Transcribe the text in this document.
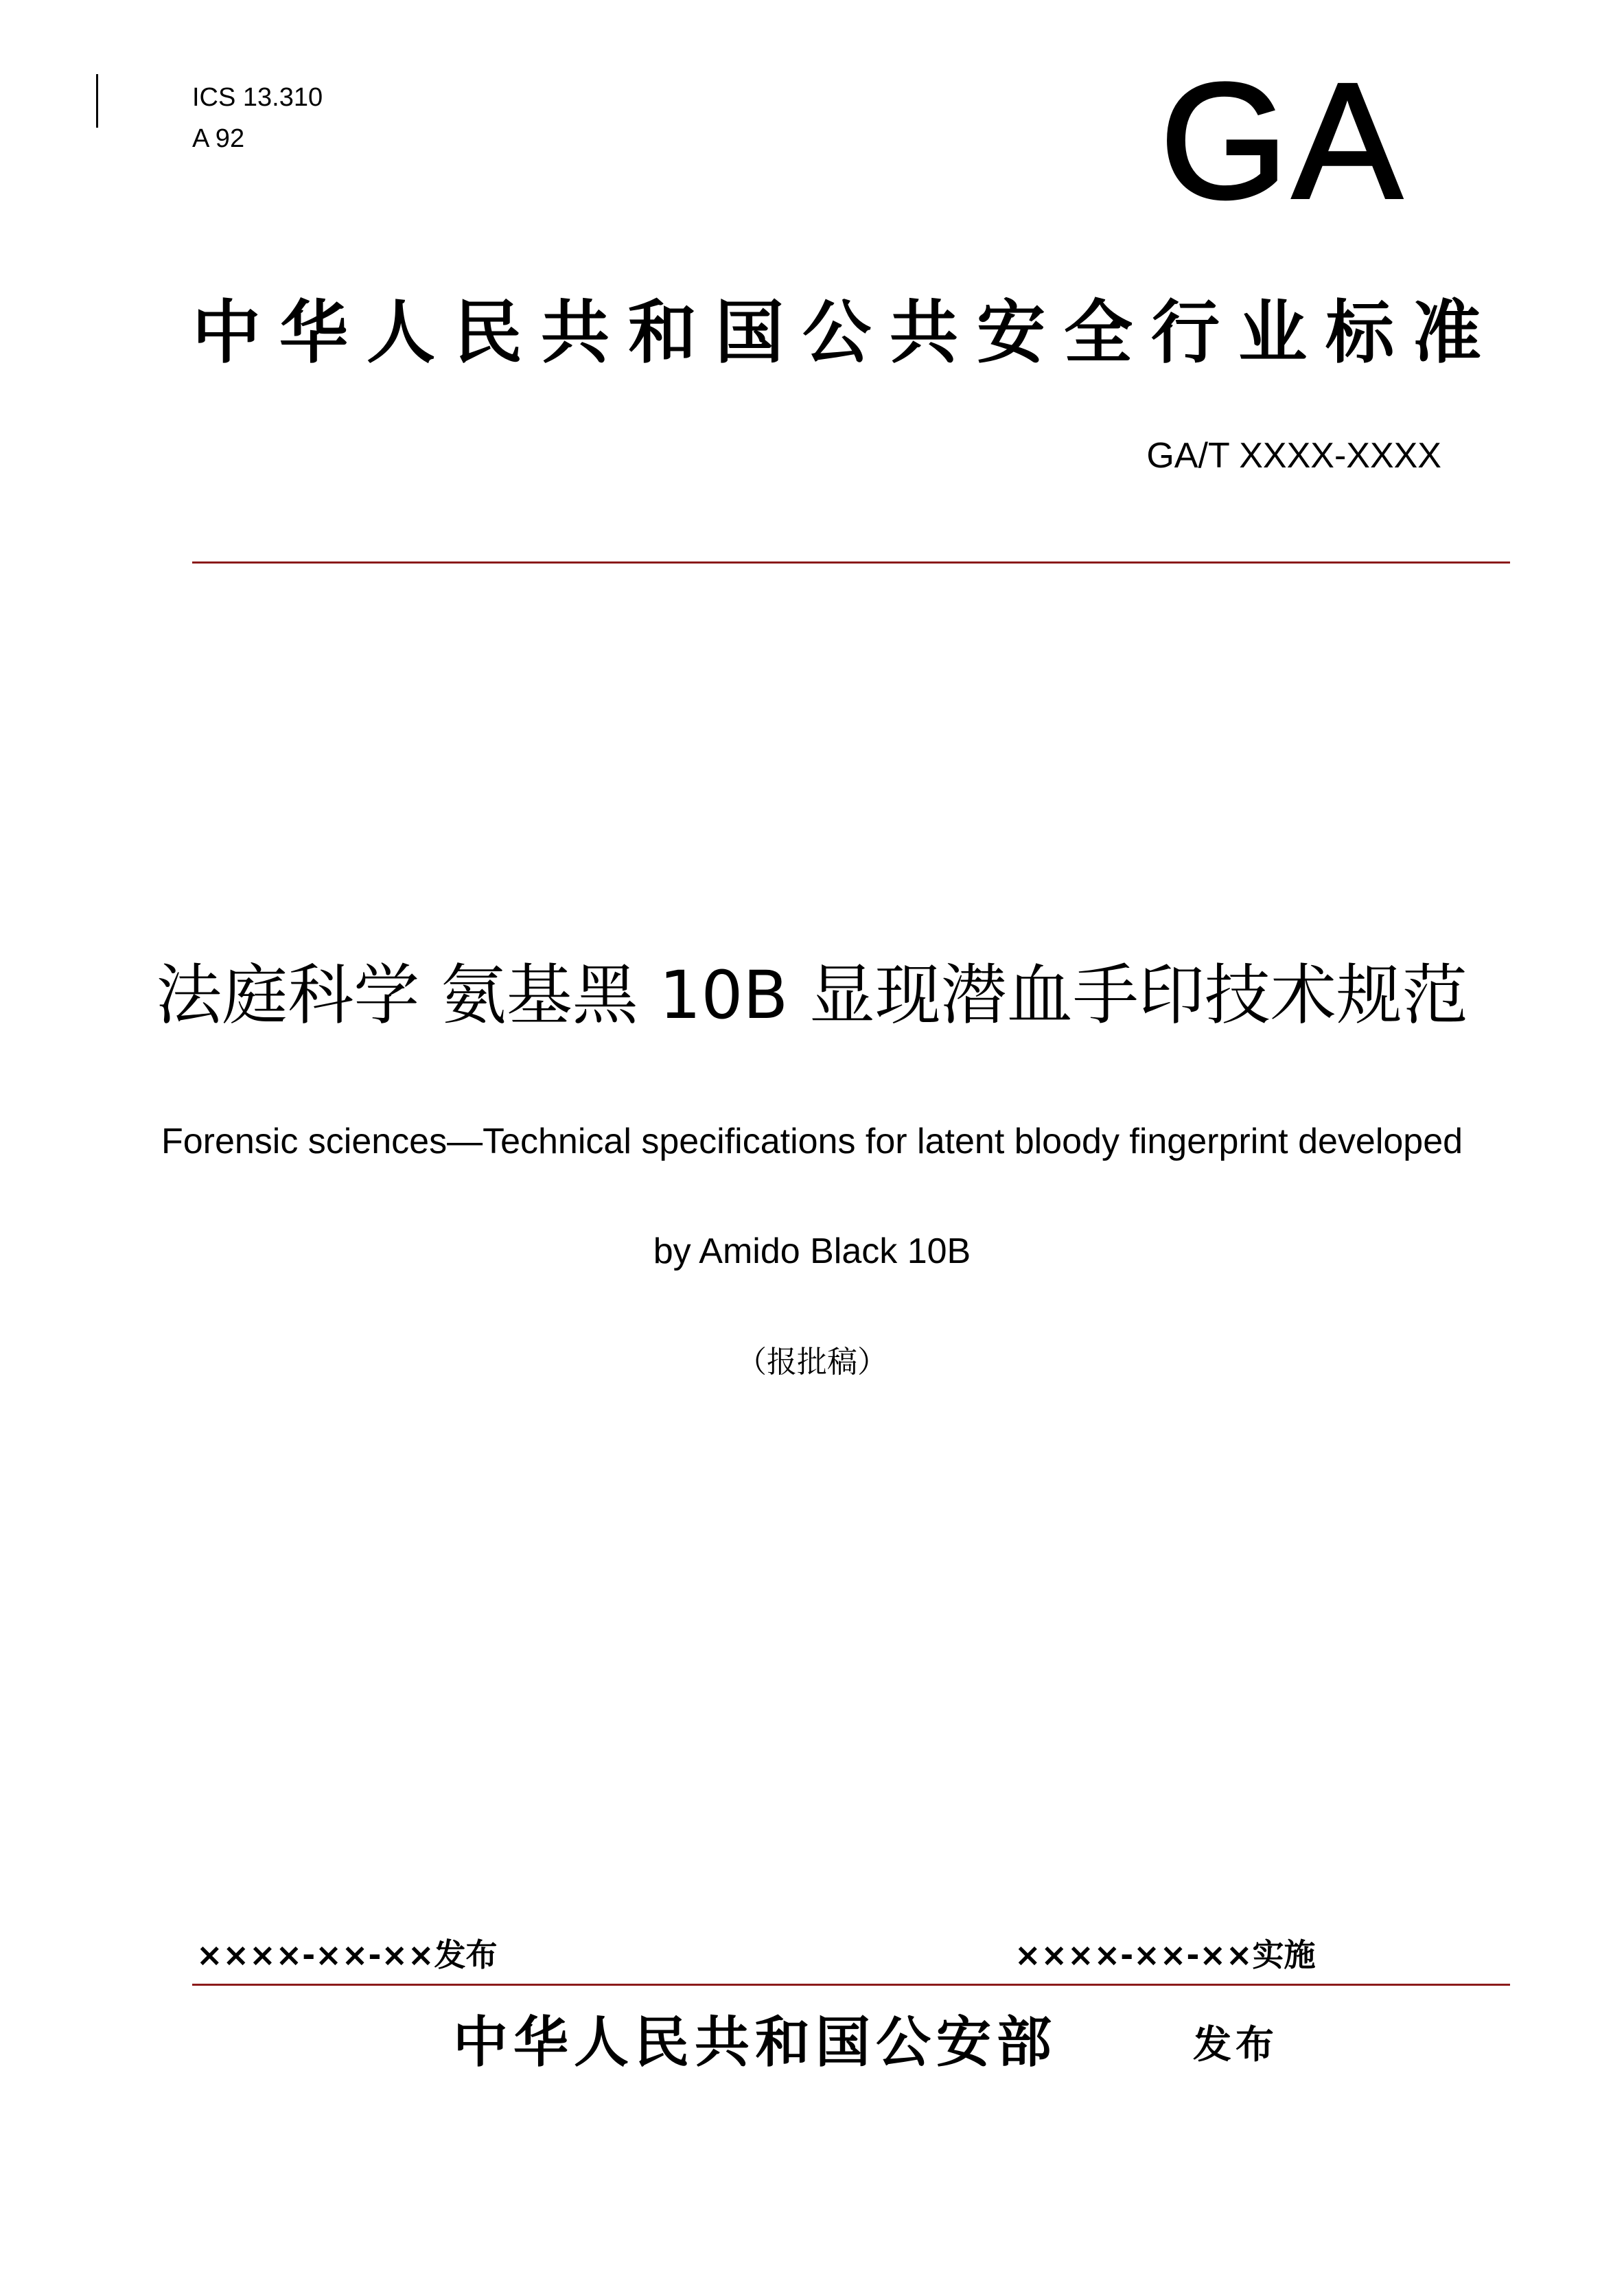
ICS 13.310
A 92	GA
中华人民共和国公共安全行业标准
GA/T XXXX-XXXX
法庭科学 氨基黑 10B 显现潜血手印技术规范
Forensic sciences—Technical specifications for latent bloody fingerprint developed
by Amido Black 10B
（报批稿）
××××-××-××发布	××××-××-××实施
中华人民共和国公安部	发布
